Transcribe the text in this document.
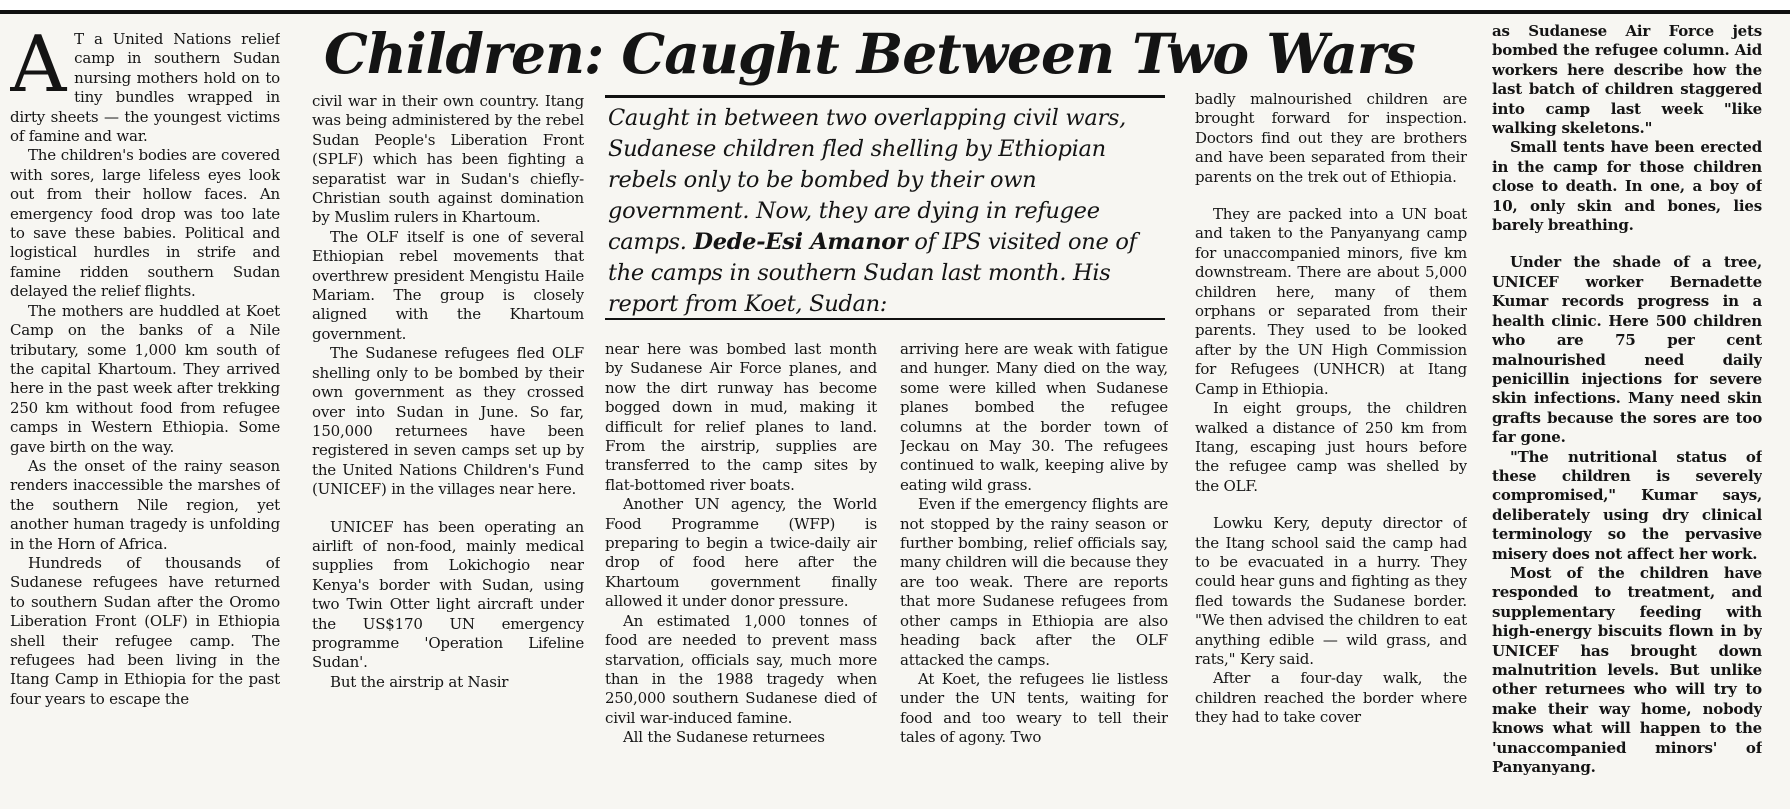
Children: Caught Between Two Wars
Caught in between two overlapping civil wars, Sudanese children fled shelling by Ethiopian rebels only to be bombed by their own government. Now, they are dying in refugee camps. Dede-Esi Amanor of IPS visited one of the camps in southern Sudan last month. His report from Koet, Sudan:

A T a United Nations relief camp in southern Sudan nursing mothers hold on to tiny bundles wrapped in dirty sheets — the youngest victims of famine and war.

The children's bodies are covered with sores, large lifeless eyes look out from their hollow faces. An emergency food drop was too late to save these babies. Political and logistical hurdles in strife and famine ridden southern Sudan delayed the relief flights.

The mothers are huddled at Koet Camp on the banks of a Nile tributary, some 1,000 km south of the capital Khartoum. They arrived here in the past week after trekking 250 km without food from refugee camps in Western Ethiopia. Some gave birth on the way.

As the onset of the rainy season renders inaccessible the marshes of the southern Nile region, yet another human tragedy is unfolding in the Horn of Africa.

Hundreds of thousands of Sudanese refugees have returned to southern Sudan after the Oromo Liberation Front (OLF) in Ethiopia shell their refugee camp. The refugees had been living in the Itang Camp in Ethiopia for the past four years to escape the

civil war in their own country. Itang was being administered by the rebel Sudan People's Liberation Front (SPLF) which has been fighting a separatist war in Sudan's chiefly-Christian south against domination by Muslim rulers in Khartoum.

The OLF itself is one of several Ethiopian rebel movements that overthrew president Mengistu Haile Mariam. The group is closely aligned with the Khartoum government.

The Sudanese refugees fled OLF shelling only to be bombed by their own government as they crossed over into Sudan in June. So far, 150,000 returnees have been registered in seven camps set up by the United Nations Children's Fund (UNICEF) in the villages near here.

UNICEF has been operating an airlift of non-food, mainly medical supplies from Lokichogio near Kenya's border with Sudan, using two Twin Otter light aircraft under the US$170 UN emergency programme 'Operation Lifeline Sudan'.

But the airstrip at Nasir

near here was bombed last month by Sudanese Air Force planes, and now the dirt runway has become bogged down in mud, making it difficult for relief planes to land. From the airstrip, supplies are transferred to the camp sites by flat-bottomed river boats.

Another UN agency, the World Food Programme (WFP) is preparing to begin a twice-daily air drop of food here after the Khartoum government finally allowed it under donor pressure.

An estimated 1,000 tonnes of food are needed to prevent mass starvation, officials say, much more than in the 1988 tragedy when 250,000 southern Sudanese died of civil war-induced famine.

All the Sudanese returnees

arriving here are weak with fatigue and hunger. Many died on the way, some were killed when Sudanese planes bombed the refugee columns at the border town of Jeckau on May 30. The refugees continued to walk, keeping alive by eating wild grass.

Even if the emergency flights are not stopped by the rainy season or further bombing, relief officials say, many children will die because they are too weak. There are reports that more Sudanese refugees from other camps in Ethiopia are also heading back after the OLF attacked the camps.

At Koet, the refugees lie listless under the UN tents, waiting for food and too weary to tell their tales of agony. Two

badly malnourished children are brought forward for inspection. Doctors find out they are brothers and have been separated from their parents on the trek out of Ethiopia.

They are packed into a UN boat and taken to the Panyanyang camp for unaccompanied minors, five km downstream. There are about 5,000 children here, many of them orphans or separated from their parents. They used to be looked after by the UN High Commission for Refugees (UNHCR) at Itang Camp in Ethiopia.

In eight groups, the children walked a distance of 250 km from Itang, escaping just hours before the refugee camp was shelled by the OLF.

Lowku Kery, deputy director of the Itang school said the camp had to be evacuated in a hurry. They could hear guns and fighting as they fled towards the Sudanese border. "We then advised the children to eat anything edible — wild grass, and rats," Kery said.

After a four-day walk, the children reached the border where they had to take cover

as Sudanese Air Force jets bombed the refugee column. Aid workers here describe how the last batch of children staggered into camp last week "like walking skeletons."

Small tents have been erected in the camp for those children close to death. In one, a boy of 10, only skin and bones, lies barely breathing.

Under the shade of a tree, UNICEF worker Bernadette Kumar records progress in a health clinic. Here 500 children who are 75 per cent malnourished need daily penicillin injections for severe skin infections. Many need skin grafts because the sores are too far gone.

"The nutritional status of these children is severely compromised," Kumar says, deliberately using dry clinical terminology so the pervasive misery does not affect her work.

Most of the children have responded to treatment, and supplementary feeding with high-energy biscuits flown in by UNICEF has brought down malnutrition levels. But unlike other returnees who will try to make their way home, nobody knows what will happen to the 'unaccompanied minors' of Panyanyang.
